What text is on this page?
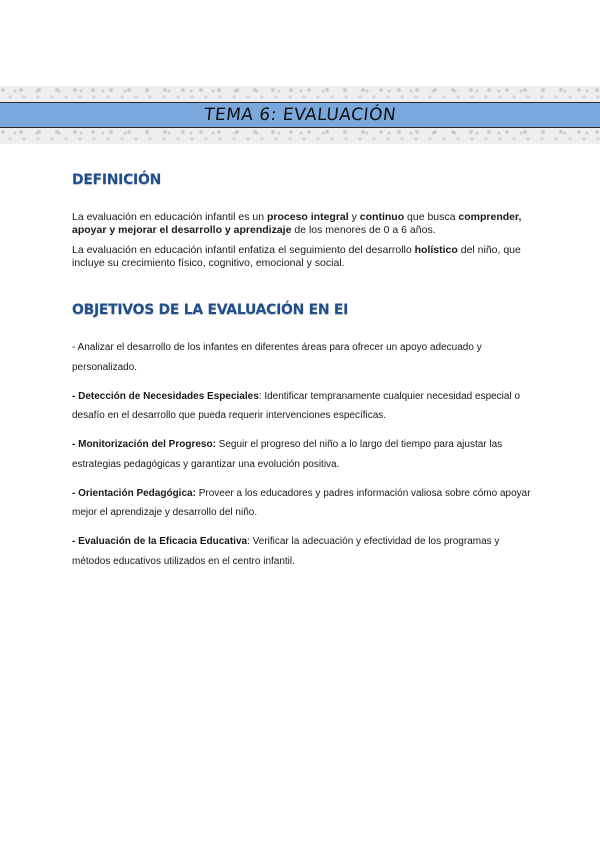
TEMA 6: EVALUACIÓN
DEFINICIÓN

La evaluación en educación infantil es un proceso integral y continuo que busca comprender, apoyar y mejorar el desarrollo y aprendizaje de los menores de 0 a 6 años.

La evaluación en educación infantil enfatiza el seguimiento del desarrollo holístico del niño, que incluye su crecimiento físico, cognitivo, emocional y social.

OBJETIVOS DE LA EVALUACIÓN EN EI

- Analizar el desarrollo de los infantes en diferentes áreas para ofrecer un apoyo adecuado y personalizado.

- Detección de Necesidades Especiales: Identificar tempranamente cualquier necesidad especial o desafío en el desarrollo que pueda requerir intervenciones específicas.

- Monitorización del Progreso: Seguir el progreso del niño a lo largo del tiempo para ajustar las estrategias pedagógicas y garantizar una evolución positiva.

- Orientación Pedagógica: Proveer a los educadores y padres información valiosa sobre cómo apoyar mejor el aprendizaje y desarrollo del niño.

- Evaluación de la Eficacia Educativa: Verificar la adecuación y efectividad de los programas y métodos educativos utilizados en el centro infantil.
